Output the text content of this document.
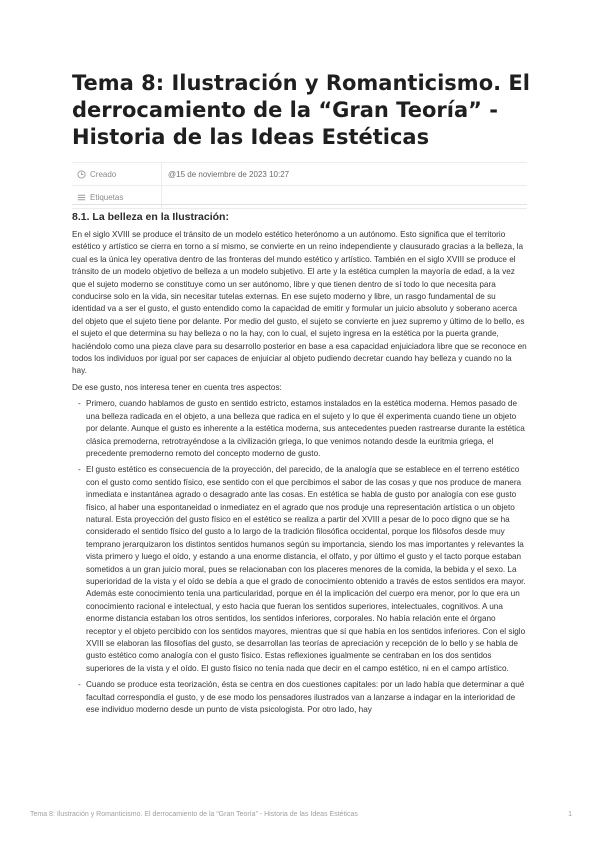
Tema 8: Ilustración y Romanticismo. El derrocamiento de la “Gran Teoría” - Historia de las Ideas Estéticas
Creado	@15 de noviembre de 2023 10:27
Etiquetas
8.1. La belleza en la Ilustración:

En el siglo XVIII se produce el tránsito de un modelo estético heterónomo a un autónomo. Esto significa que el territorio estético y artístico se cierra en torno a sí mismo, se convierte en un reino independiente y clausurado gracias a la belleza, la cual es la única ley operativa dentro de las fronteras del mundo estético y artístico. También en el siglo XVIII se produce el tránsito de un modelo objetivo de belleza a un modelo subjetivo. El arte y la estética cumplen la mayoría de edad, a la vez que el sujeto moderno se constituye como un ser autónomo, libre y que tienen dentro de sí todo lo que necesita para conducirse solo en la vida, sin necesitar tutelas externas. En ese sujeto moderno y libre, un rasgo fundamental de su identidad va a ser el gusto, el gusto entendido como la capacidad de emitir y formular un juicio absoluto y soberano acerca del objeto que el sujeto tiene por delante. Por medio del gusto, el sujeto se convierte en juez supremo y último de lo bello, es el sujeto el que determina su hay belleza o no la hay, con lo cual, el sujeto ingresa en la estética por la puerta grande, haciéndolo como una pieza clave para su desarrollo posterior en base a esa capacidad enjuiciadora libre que se reconoce en todos los individuos por igual por ser capaces de enjuiciar al objeto pudiendo decretar cuando hay belleza y cuando no la hay.

De ese gusto, nos interesa tener en cuenta tres aspectos:

- Primero, cuando hablamos de gusto en sentido estricto, estamos instalados en la estética moderna. Hemos pasado de una belleza radicada en el objeto, a una belleza que radica en el sujeto y lo que él experimenta cuando tiene un objeto por delante. Aunque el gusto es inherente a la estética moderna, sus antecedentes pueden rastrearse durante la estética clásica premoderna, retrotrayéndose a la civilización griega, lo que venimos notando desde la euritmia griega, el precedente premoderno remoto del concepto moderno de gusto.
- El gusto estético es consecuencia de la proyección, del parecido, de la analogía que se establece en el terreno estético con el gusto como sentido físico, ese sentido con el que percibimos el sabor de las cosas y que nos produce de manera inmediata e instantánea agrado o desagrado ante las cosas. En estética se habla de gusto por analogía con ese gusto físico, al haber una espontaneidad o inmediatez en el agrado que nos produje una representación artística o un objeto natural. Esta proyección del gusto físico en el estético se realiza a partir del XVIII a pesar de lo poco digno que se ha considerado el sentido físico del gusto a lo largo de la tradición filosófica occidental, porque los filósofos desde muy temprano jerarquizaron los distintos sentidos humanos según su importancia, siendo los mas importantes y relevantes la vista primero y luego el oído, y estando a una enorme distancia, el olfato, y por último el gusto y el tacto porque estaban sometidos a un gran juicio moral, pues se relacionaban con los placeres menores de la comida, la bebida y el sexo. La superioridad de la vista y el oído se debía a que el grado de conocimiento obtenido a través de estos sentidos era mayor. Además este conocimiento tenía una particularidad, porque en él la implicación del cuerpo era menor, por lo que era un conocimiento racional e intelectual, y esto hacia que fueran los sentidos superiores, intelectuales, cognitivos. A una enorme distancia estaban los otros sentidos, los sentidos inferiores, corporales. No había relación ente el órgano receptor y el objeto percibido con los sentidos mayores, mientras que sí que había en los sentidos inferiores. Con el siglo XVIII se elaboran las filosofías del gusto, se desarrollan las teorías de apreciación y recepción de lo bello y se habla de gusto estético como analogía con el gusto físico. Estas reflexiones igualmente se centraban en los dos sentidos superiores de la vista y el oído. El gusto físico no tenía nada que decir en el campo estético, ni en el campo artístico.
- Cuando se produce esta teorización, ésta se centra en dos cuestiones capitales: por un lado había que determinar a qué facultad correspondía el gusto, y de ese modo los pensadores ilustrados van a lanzarse a indagar en la interioridad de ese individuo moderno desde un punto de vista psicologista. Por otro lado, hay
Tema 8: Ilustración y Romanticismo. El derrocamiento de la “Gran Teoría” - Historia de las Ideas Estéticas	1
